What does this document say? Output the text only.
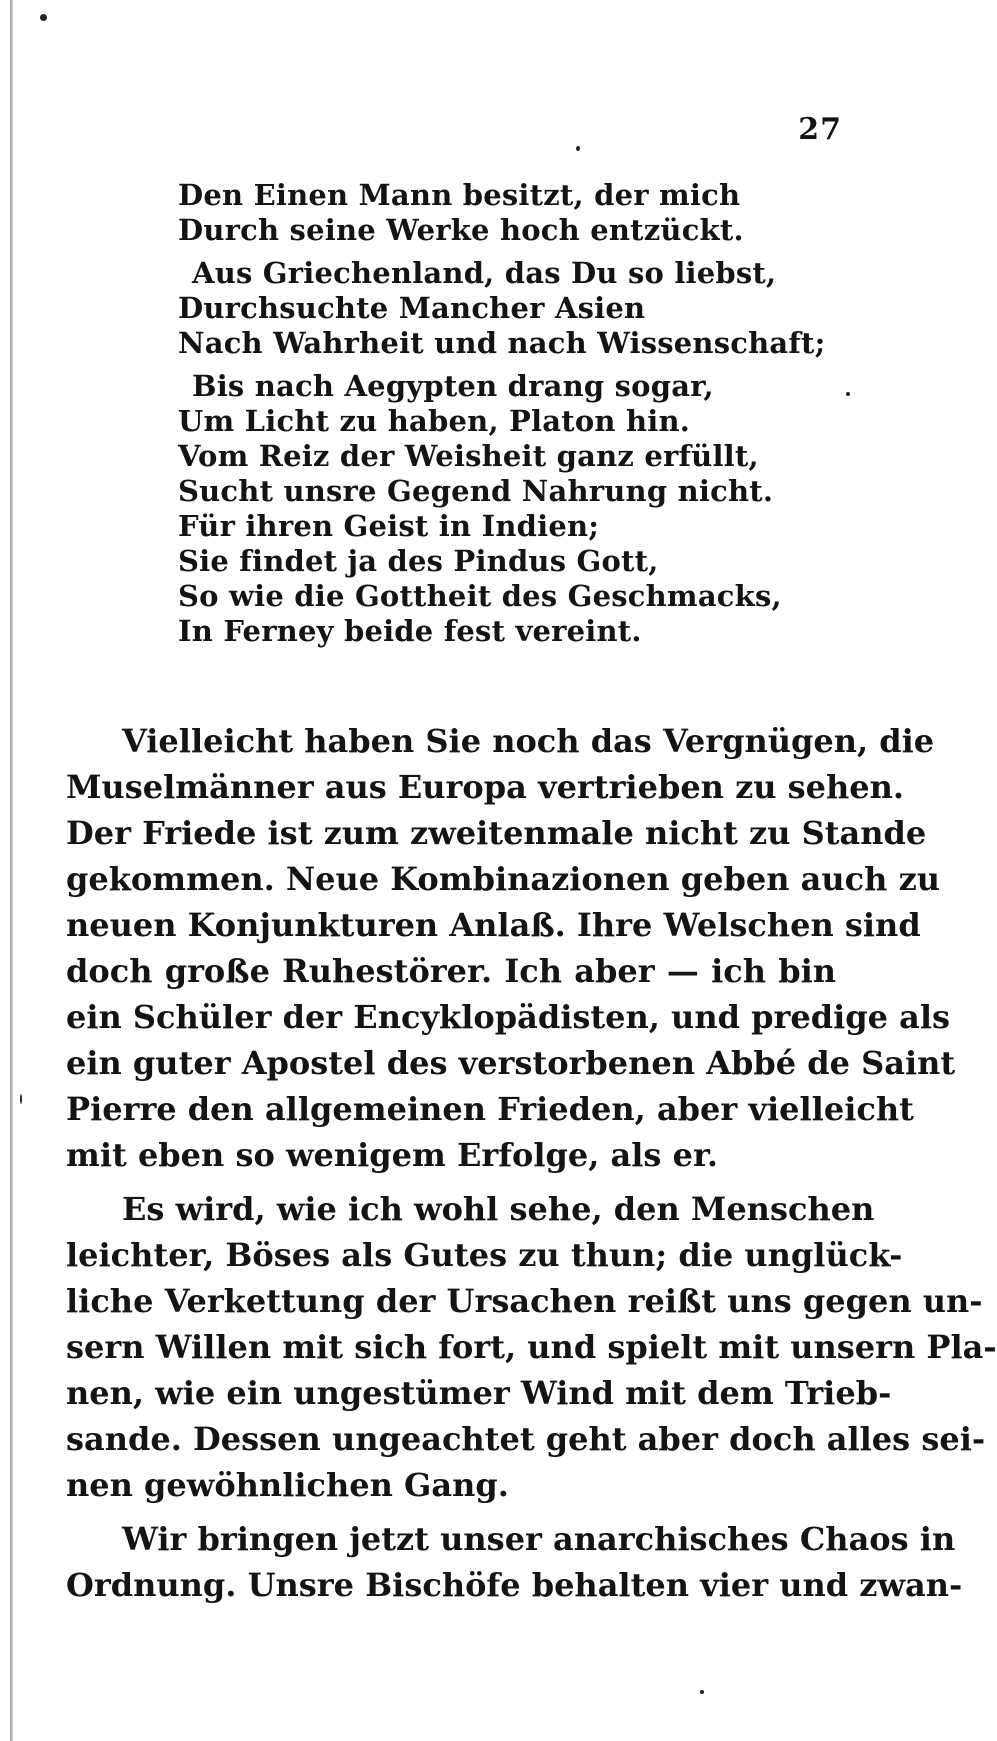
27
Den Einen Mann besitzt, der mich
Durch seine Werke hoch entzückt.
Aus Griechenland, das Du so liebst,
Durchsuchte Mancher Asien
Nach Wahrheit und nach Wissenschaft;
Bis nach Aegypten drang sogar,
Um Licht zu haben, Platon hin.
Vom Reiz der Weisheit ganz erfüllt,
Sucht unsre Gegend Nahrung nicht.
Für ihren Geist in Indien;
Sie findet ja des Pindus Gott,
So wie die Gottheit des Geschmacks,
In Ferney beide fest vereint.
Vielleicht haben Sie noch das Vergnügen, die
Muselmänner aus Europa vertrieben zu sehen.
Der Friede ist zum zweitenmale nicht zu Stande
gekommen. Neue Kombinazionen geben auch zu
neuen Konjunkturen Anlaß. Ihre Welschen sind
doch große Ruhestörer. Ich aber — ich bin
ein Schüler der Encyklopädisten, und predige als
ein guter Apostel des verstorbenen Abbé de Saint
Pierre den allgemeinen Frieden, aber vielleicht
mit eben so wenigem Erfolge, als er.
Es wird, wie ich wohl sehe, den Menschen
leichter, Böses als Gutes zu thun; die unglück-
liche Verkettung der Ursachen reißt uns gegen un-
sern Willen mit sich fort, und spielt mit unsern Pla-
nen, wie ein ungestümer Wind mit dem Trieb-
sande. Dessen ungeachtet geht aber doch alles sei-
nen gewöhnlichen Gang.
Wir bringen jetzt unser anarchisches Chaos in
Ordnung. Unsre Bischöfe behalten vier und zwan-
